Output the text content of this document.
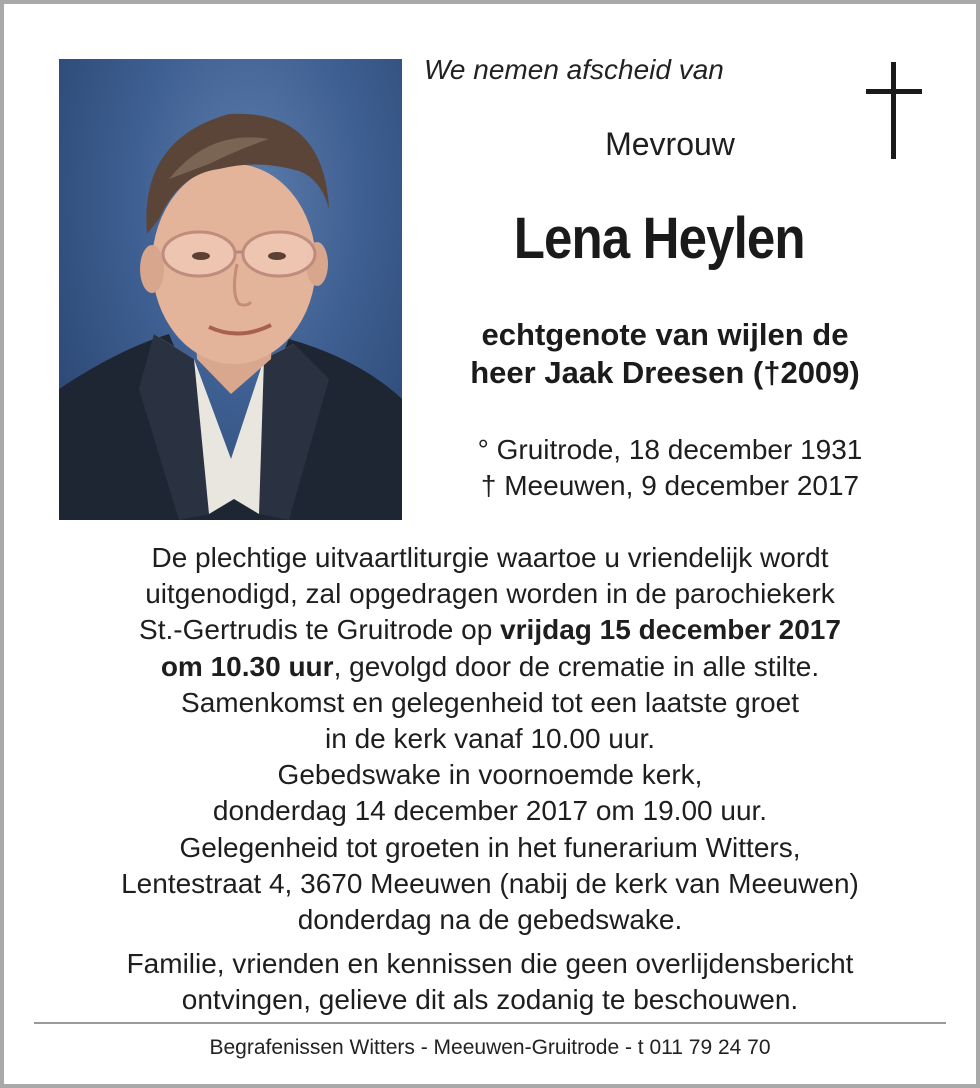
We nemen afscheid van
Mevrouw
Lena Heylen
echtgenote van wijlen de
heer Jaak Dreesen (†2009)
° Gruitrode, 18 december 1931
† Meeuwen, 9 december 2017
De plechtige uitvaartliturgie waartoe u vriendelijk wordt
uitgenodigd, zal opgedragen worden in de parochiekerk
St.-Gertrudis te Gruitrode op vrijdag 15 december 2017
om 10.30 uur, gevolgd door de crematie in alle stilte.
Samenkomst en gelegenheid tot een laatste groet
in de kerk vanaf 10.00 uur.
Gebedswake in voornoemde kerk,
donderdag 14 december 2017 om 19.00 uur.
Gelegenheid tot groeten in het funerarium Witters,
Lentestraat 4, 3670 Meeuwen (nabij de kerk van Meeuwen)
donderdag na de gebedswake.
Familie, vrienden en kennissen die geen overlijdensbericht
ontvingen, gelieve dit als zodanig te beschouwen.
Begrafenissen Witters - Meeuwen-Gruitrode - t 011 79 24 70
